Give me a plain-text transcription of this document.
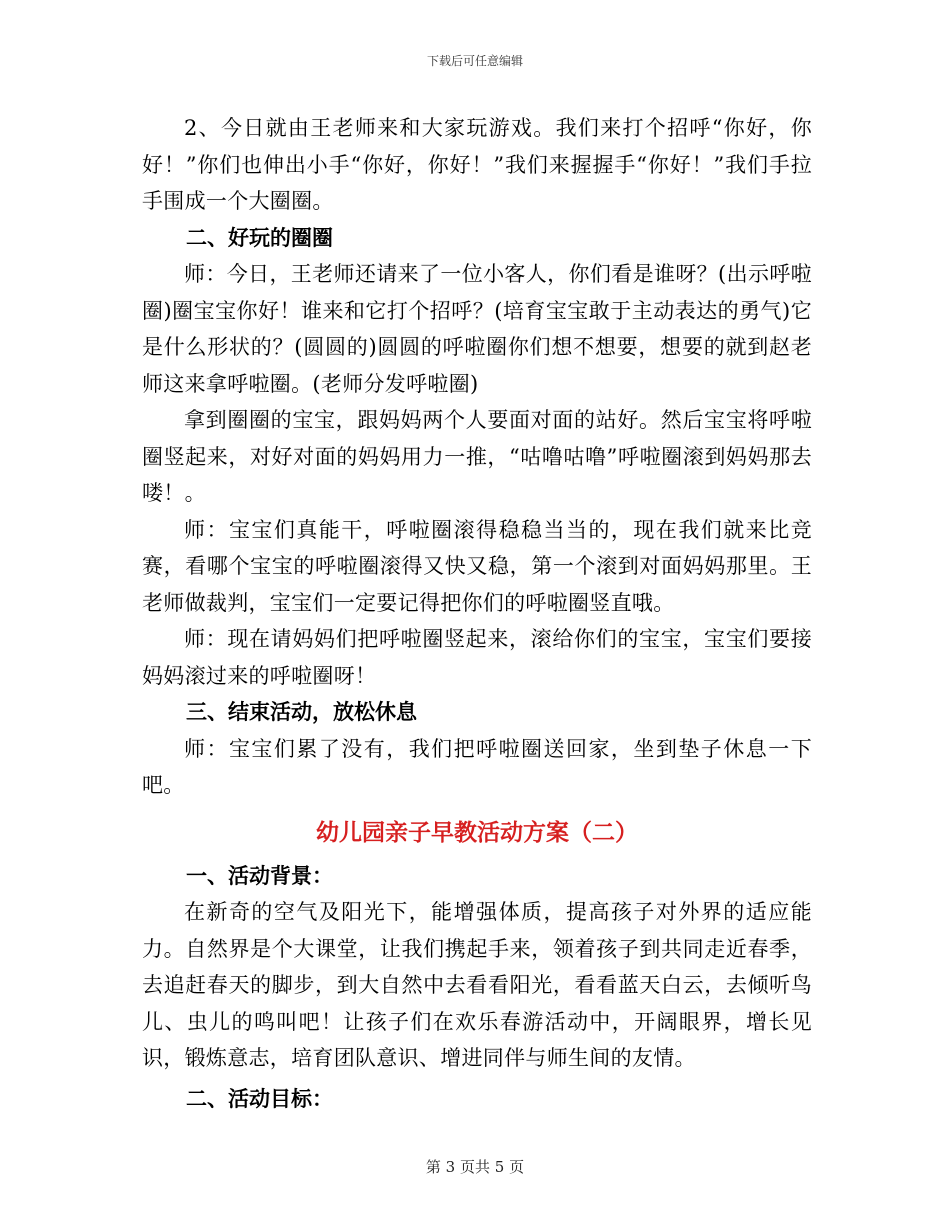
下载后可任意编辑

2、今日就由王老师来和大家玩游戏。我们来打个招呼“你好，你好！”你们也伸出小手“你好，你好！”我们来握握手“你好！”我们手拉手围成一个大圈圈。

二、好玩的圈圈

师：今日，王老师还请来了一位小客人，你们看是谁呀？(出示呼啦圈)圈宝宝你好！谁来和它打个招呼？(培育宝宝敢于主动表达的勇气)它是什么形状的？(圆圆的)圆圆的呼啦圈你们想不想要，想要的就到赵老师这来拿呼啦圈。(老师分发呼啦圈)

拿到圈圈的宝宝，跟妈妈两个人要面对面的站好。然后宝宝将呼啦圈竖起来，对好对面的妈妈用力一推，“咕噜咕噜”呼啦圈滚到妈妈那去喽！。

师：宝宝们真能干，呼啦圈滚得稳稳当当的，现在我们就来比竞赛，看哪个宝宝的呼啦圈滚得又快又稳，第一个滚到对面妈妈那里。王老师做裁判，宝宝们一定要记得把你们的呼啦圈竖直哦。

师：现在请妈妈们把呼啦圈竖起来，滚给你们的宝宝，宝宝们要接妈妈滚过来的呼啦圈呀！

三、结束活动，放松休息

师：宝宝们累了没有，我们把呼啦圈送回家，坐到垫子休息一下吧。

幼儿园亲子早教活动方案（二）

一、活动背景：

在新奇的空气及阳光下，能增强体质，提高孩子对外界的适应能力。自然界是个大课堂，让我们携起手来，领着孩子到共同走近春季，去追赶春天的脚步，到大自然中去看看阳光，看看蓝天白云，去倾听鸟儿、虫儿的鸣叫吧！让孩子们在欢乐春游活动中，开阔眼界，增长见识，锻炼意志，培育团队意识、增进同伴与师生间的友情。

二、活动目标：

第 3 页共 5 页
